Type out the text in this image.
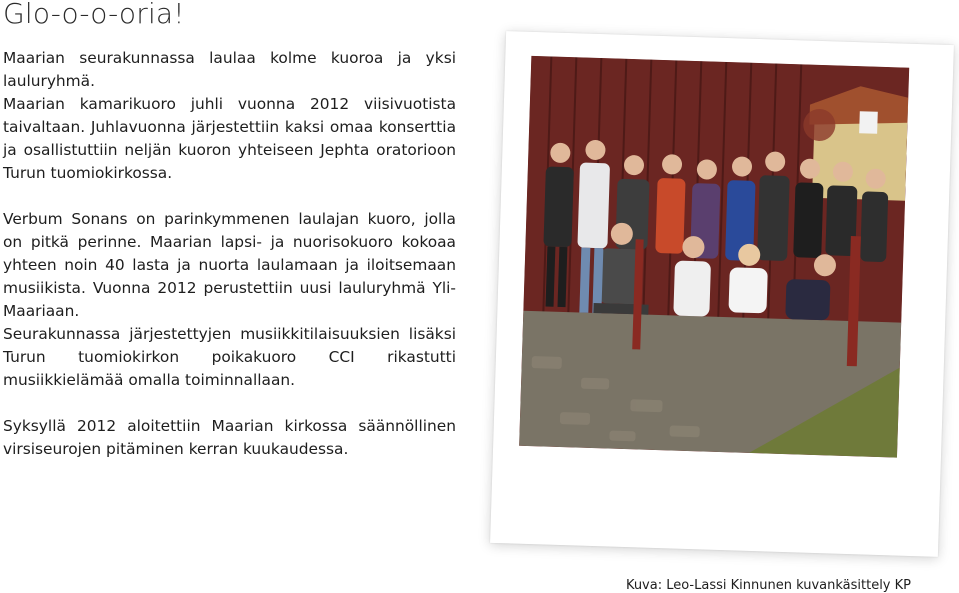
Glo-o-o-oria!

Maarian seurakunnassa laulaa kolme kuoroa ja yksi lauluryhmä.

Maarian kamarikuoro juhli vuonna 2012 viisivuotista taivaltaan. Juhlavuonna järjestettiin kaksi omaa konserttia ja osallistuttiin neljän kuoron yhteiseen Jephta oratorioon Turun tuomiokirkossa.

Verbum Sonans on parinkymmenen laulajan kuoro, jolla on pitkä perinne. Maarian lapsi- ja nuorisokuoro kokoaa yhteen noin 40 lasta ja nuorta laulamaan ja iloitsemaan musiikista. Vuonna 2012 perustettiin uusi lauluryhmä Yli-Maariaan.

Seurakunnassa järjestettyjen musiikkitilaisuuksien lisäksi Turun tuomiokirkon poikakuoro CCI rikastutti musiikkielämää omalla toiminnallaan.

Syksyllä 2012 aloitettiin Maarian kirkossa säännöllinen virsiseurojen pitäminen kerran kuukaudessa.

Kuva: Leo-Lassi Kinnunen kuvankäsittely KP
